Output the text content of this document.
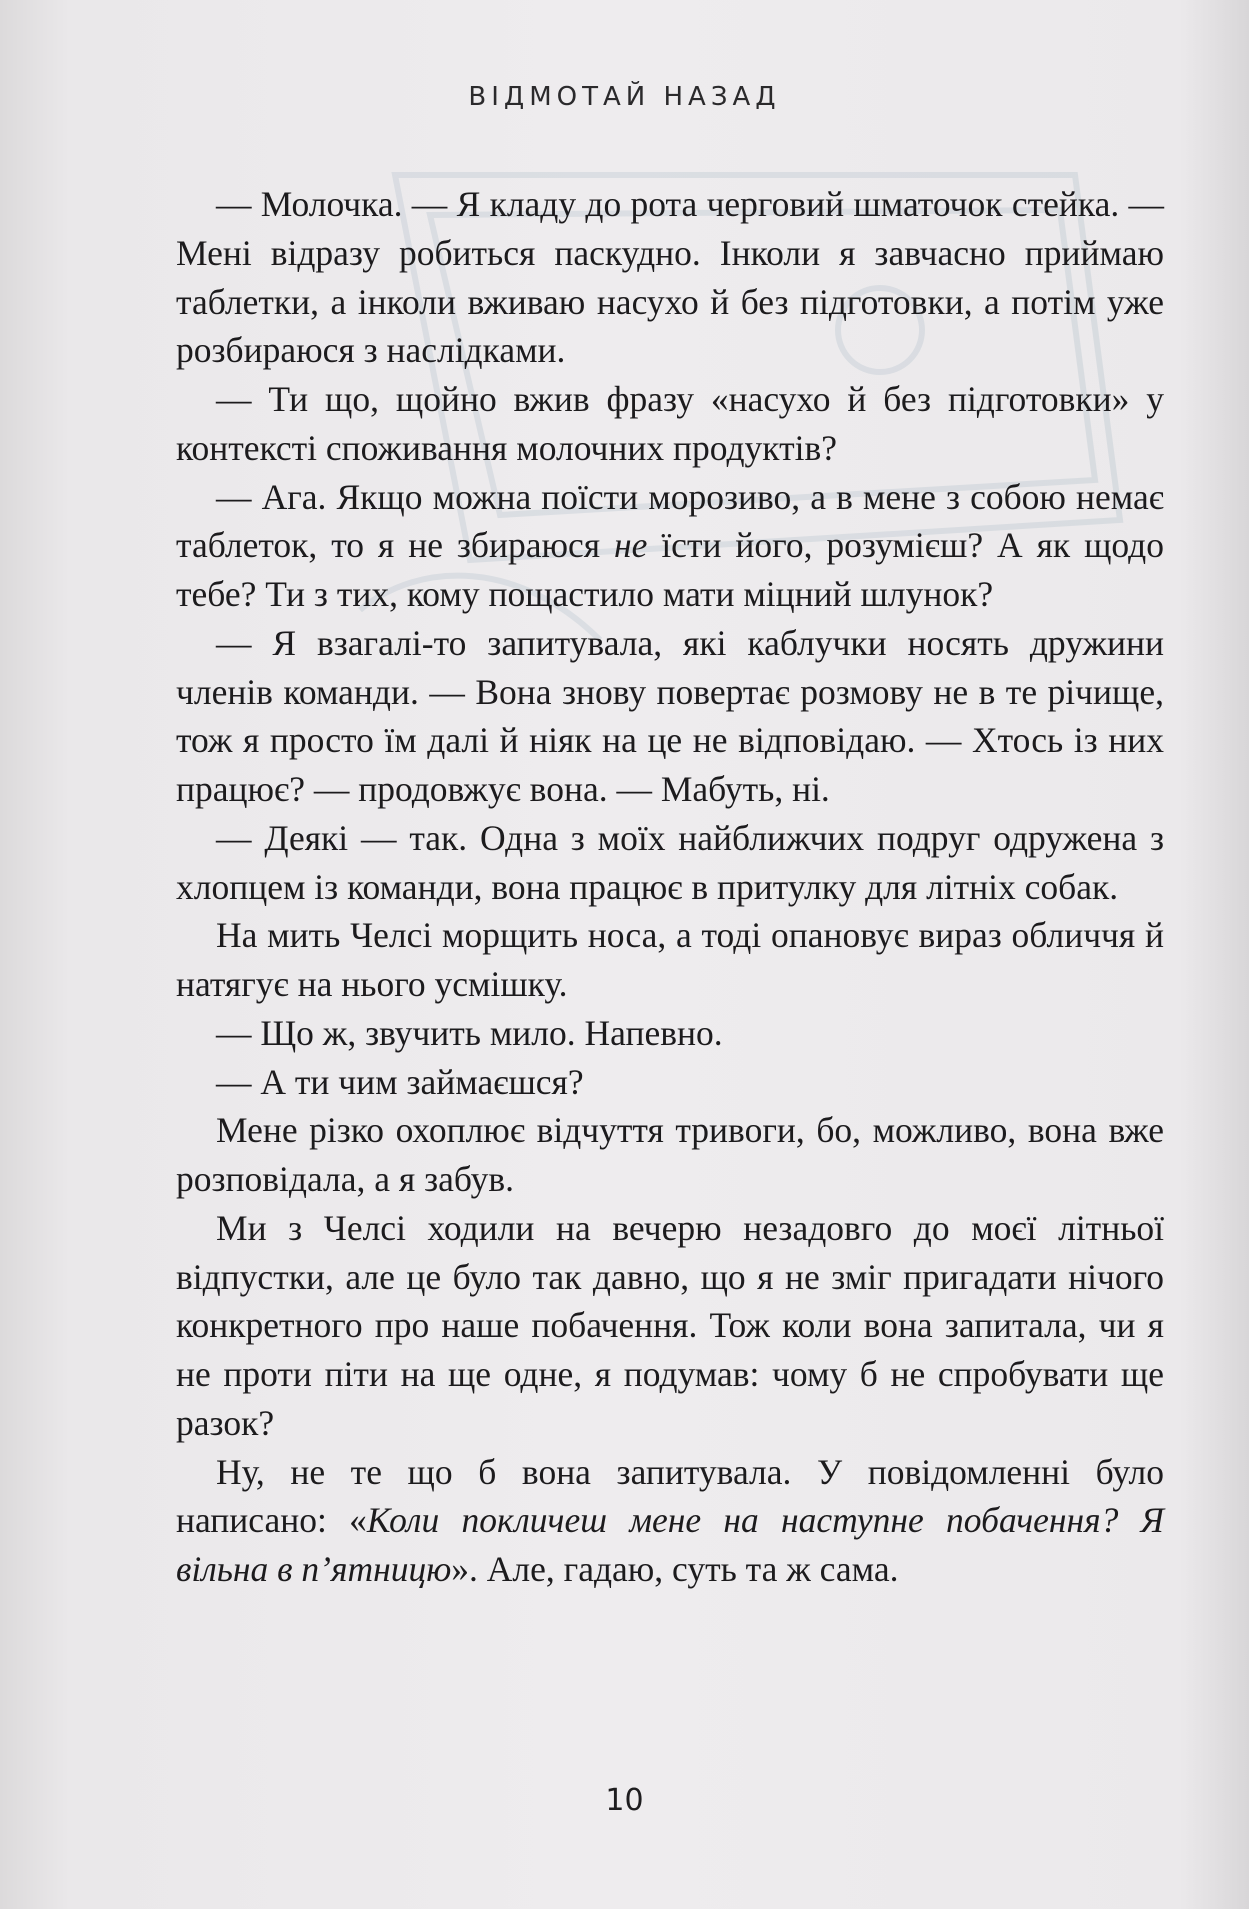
ВІДМОТАЙ НАЗАД

— Молочка. — Я кладу до рота черговий шматочок стейка. — Мені відразу робиться паскудно. Інколи я завчасно приймаю таблетки, а інколи вживаю насухо й без підготовки, а потім уже розбираюся з наслідками.

— Ти що, щойно вжив фразу «насухо й без підготовки» у контексті споживання молочних продуктів?

— Ага. Якщо можна поїсти морозиво, а в мене з собою немає таблеток, то я не збираюся не їсти його, розумієш? А як щодо тебе? Ти з тих, кому пощастило мати міцний шлунок?

— Я взагалі-то запитувала, які каблучки носять дружини членів команди. — Вона знову повертає розмову не в те річище, тож я просто їм далі й ніяк на це не відповідаю. — Хтось із них працює? — продовжує вона. — Мабуть, ні.

— Деякі — так. Одна з моїх найближчих подруг одружена з хлопцем із команди, вона працює в притулку для літніх собак.

На мить Челсі морщить носа, а тоді опановує вираз обличчя й натягує на нього усмішку.

— Що ж, звучить мило. Напевно.

— А ти чим займаєшся?

Мене різко охоплює відчуття тривоги, бо, можливо, вона вже розповідала, а я забув.

Ми з Челсі ходили на вечерю незадовго до моєї літньої відпустки, але це було так давно, що я не зміг пригадати нічого конкретного про наше побачення. Тож коли вона запитала, чи я не проти піти на ще одне, я подумав: чому б не спробувати ще разок?

Ну, не те що б вона запитувала. У повідомленні було написано: «Коли покличеш мене на наступне побачення? Я вільна в п’ятницю». Але, гадаю, суть та ж сама.

10
